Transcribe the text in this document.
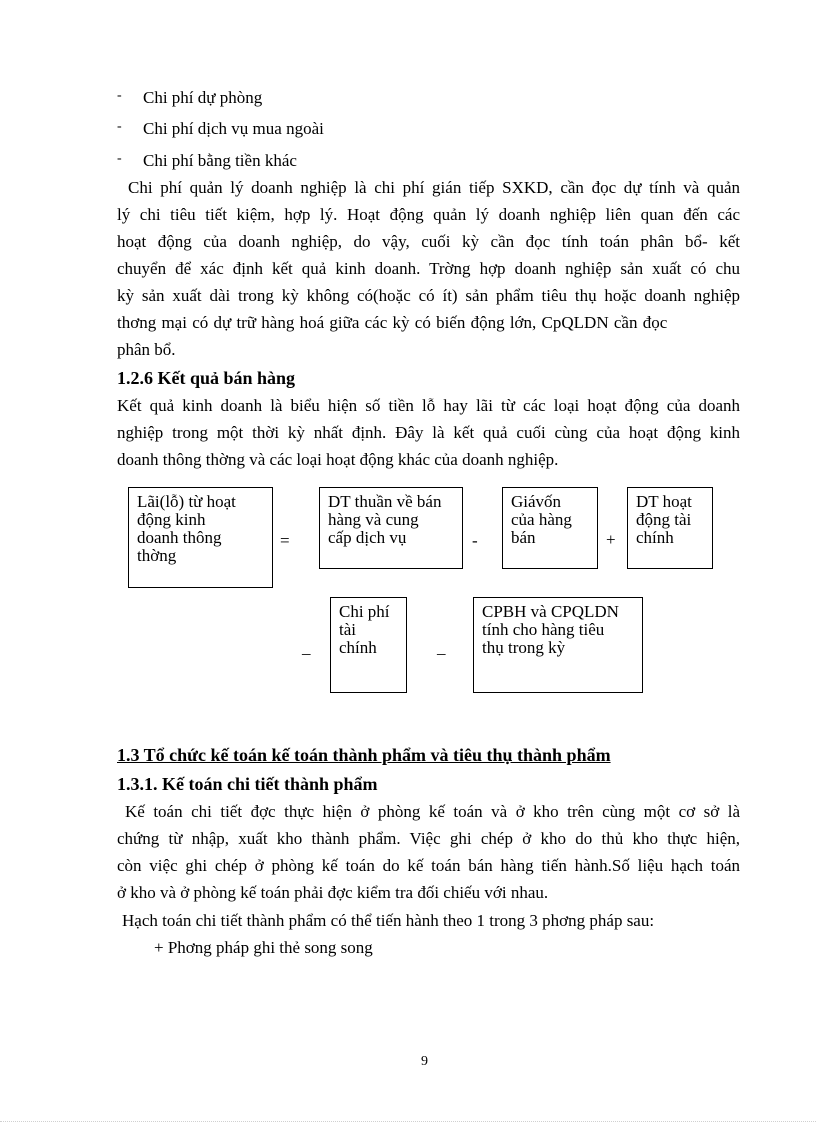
- Chi phí dự phòng
- Chi phí dịch vụ mua ngoài
- Chi phí bằng tiền khác
Chi phí quản lý doanh nghiệp là chi phí gián tiếp SXKD, cần đọc dự tính và quản
lý chi tiêu tiết kiệm, hợp lý. Hoạt động quản lý doanh nghiệp liên quan đến các
hoạt động của doanh nghiệp, do vậy, cuối kỳ cần đọc tính toán phân bổ- kết
chuyển để xác định kết quả kinh doanh. Trờng hợp doanh nghiệp sản xuất có chu
kỳ sản xuất dài trong kỳ không có(hoặc có ít) sản phẩm tiêu thụ hoặc doanh nghiệp
thơng mại có dự trữ hàng hoá giữa các kỳ có biến động lớn, CpQLDN cần đọc
phân bổ.
1.2.6 Kết quả bán hàng
Kết quả kinh doanh là biểu hiện số tiền lỗ hay lãi từ các loại hoạt động của doanh
nghiệp trong một thời kỳ nhất định. Đây là kết quả cuối cùng của hoạt động kinh
doanh thông thờng và các loại hoạt động khác của doanh nghiệp.
Lãi(lỗ) từ hoạt
động kinh
doanh thông
thờng
=
DT thuần về bán
hàng và cung
cấp dịch vụ	-
Giávốn
của hàng
bán	+
DT hoạt
động tài
chính
_
Chi phí
tài
chính	_
CPBH và CPQLDN
tính cho hàng tiêu
thụ trong kỳ
1.3 Tổ chức kế toán kế toán thành phẩm và tiêu thụ thành phẩm
1.3.1. Kế toán chi tiết thành phẩm
Kế toán chi tiết đợc thực hiện ở phòng kế toán và ở kho trên cùng một cơ sở là
chứng từ nhập, xuất kho thành phẩm. Việc ghi chép ở kho do thủ kho thực hiện,
còn việc ghi chép ở phòng kế toán do kế toán bán hàng tiến hành.Số liệu hạch toán
ở kho và ở phòng kế toán phải đợc kiểm tra đối chiếu với nhau.
Hạch toán chi tiết thành phẩm có thể tiến hành theo 1 trong 3 phơng pháp sau:
+ Phơng pháp ghi thẻ song song
9
